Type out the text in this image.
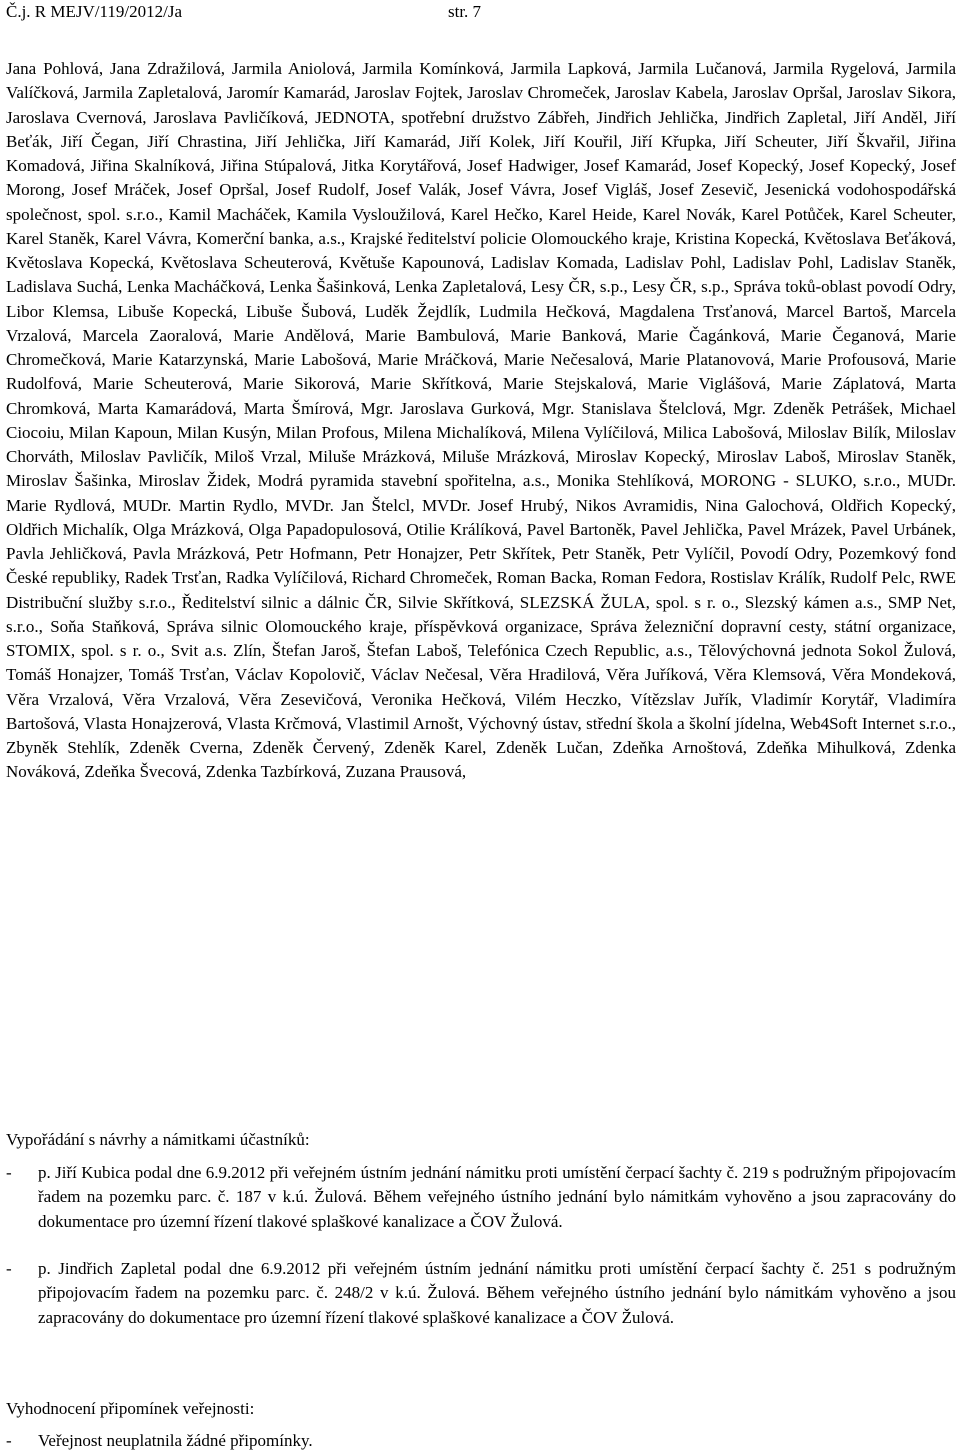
Č.j. R MEJV/119/2012/Ja	str. 7
Jana Pohlová, Jana Zdražilová, Jarmila Aniolová, Jarmila Komínková, Jarmila Lapková, Jarmila Lučanová, Jarmila Rygelová, Jarmila Valíčková, Jarmila Zapletalová, Jaromír Kamarád, Jaroslav Fojtek, Jaroslav Chromeček, Jaroslav Kabela, Jaroslav Opršal, Jaroslav Sikora, Jaroslava Cvernová, Jaroslava Pavličíková, JEDNOTA, spotřební družstvo Zábřeh, Jindřich Jehlička, Jindřich Zapletal, Jiří Anděl, Jiří Beťák, Jiří Čegan, Jiří Chrastina, Jiří Jehlička, Jiří Kamarád, Jiří Kolek, Jiří Kouřil, Jiří Křupka, Jiří Scheuter, Jiří Škvařil, Jiřina Komadová, Jiřina Skalníková, Jiřina Stúpalová, Jitka Korytářová, Josef Hadwiger, Josef Kamarád, Josef Kopecký, Josef Kopecký, Josef Morong, Josef Mráček, Josef Opršal, Josef Rudolf, Josef Valák, Josef Vávra, Josef Vigláš, Josef Zesevič, Jesenická vodohospodářská společnost, spol. s.r.o., Kamil Macháček, Kamila Vysloužilová, Karel Hečko, Karel Heide, Karel Novák, Karel Potůček, Karel Scheuter, Karel Staněk, Karel Vávra, Komerční banka, a.s., Krajské ředitelství policie Olomouckého kraje, Kristina Kopecká, Květoslava Beťáková, Květoslava Kopecká, Květoslava Scheuterová, Květuše Kapounová, Ladislav Komada, Ladislav Pohl, Ladislav Pohl, Ladislav Staněk, Ladislava Suchá, Lenka Macháčková, Lenka Šašinková, Lenka Zapletalová, Lesy ČR, s.p., Lesy ČR, s.p., Správa toků-oblast povodí Odry, Libor Klemsa, Libuše Kopecká, Libuše Šubová, Luděk Žejdlík, Ludmila Hečková, Magdalena Trsťanová, Marcel Bartoš, Marcela Vrzalová, Marcela Zaoralová, Marie Andělová, Marie Bambulová, Marie Banková, Marie Čagánková, Marie Čeganová, Marie Chromečková, Marie Katarzynská, Marie Labošová, Marie Mráčková, Marie Nečesalová, Marie Platanovová, Marie Profousová, Marie Rudolfová, Marie Scheuterová, Marie Sikorová, Marie Skřítková, Marie Stejskalová, Marie Viglášová, Marie Záplatová, Marta Chromková, Marta Kamarádová, Marta Šmírová, Mgr. Jaroslava Gurková, Mgr. Stanislava Štelclová, Mgr. Zdeněk Petrášek, Michael Ciocoiu, Milan Kapoun, Milan Kusýn, Milan Profous, Milena Michalíková, Milena Vylíčilová, Milica Labošová, Miloslav Bilík, Miloslav Chorváth, Miloslav Pavličík, Miloš Vrzal, Miluše Mrázková, Miluše Mrázková, Miroslav Kopecký, Miroslav Laboš, Miroslav Staněk, Miroslav Šašinka, Miroslav Židek, Modrá pyramida stavební spořitelna, a.s., Monika Stehlíková, MORONG - SLUKO, s.r.o., MUDr. Marie Rydlová, MUDr. Martin Rydlo, MVDr. Jan Štelcl, MVDr. Josef Hrubý, Nikos Avramidis, Nina Galochová, Oldřich Kopecký, Oldřich Michalík, Olga Mrázková, Olga Papadopulosová, Otilie Králíková, Pavel Bartoněk, Pavel Jehlička, Pavel Mrázek, Pavel Urbánek, Pavla Jehličková, Pavla Mrázková, Petr Hofmann, Petr Honajzer, Petr Skřítek, Petr Staněk, Petr Vylíčil, Povodí Odry, Pozemkový fond České republiky, Radek Trsťan, Radka Vylíčilová, Richard Chromeček, Roman Backa, Roman Fedora, Rostislav Králík, Rudolf Pelc, RWE Distribuční služby s.r.o., Ředitelství silnic a dálnic ČR, Silvie Skřítková, SLEZSKÁ ŽULA, spol. s r. o., Slezský kámen a.s., SMP Net, s.r.o., Soňa Staňková, Správa silnic Olomouckého kraje, příspěvková organizace, Správa železniční dopravní cesty, státní organizace, STOMIX, spol. s r. o., Svit a.s. Zlín, Štefan Jaroš, Štefan Laboš, Telefónica Czech Republic, a.s., Tělovýchovná jednota Sokol Žulová, Tomáš Honajzer, Tomáš Trsťan, Václav Kopolovič, Václav Nečesal, Věra Hradilová, Věra Juříková, Věra Klemsová, Věra Mondeková, Věra Vrzalová, Věra Vrzalová, Věra Zesevičová, Veronika Hečková, Vilém Heczko, Vítězslav Juřík, Vladimír Korytář, Vladimíra Bartošová, Vlasta Honajzerová, Vlasta Krčmová, Vlastimil Arnošt, Výchovný ústav, střední škola a školní jídelna, Web4Soft Internet s.r.o., Zbyněk Stehlík, Zdeněk Cverna, Zdeněk Červený, Zdeněk Karel, Zdeněk Lučan, Zdeňka Arnoštová, Zdeňka Mihulková, Zdenka Nováková, Zdeňka Švecová, Zdenka Tazbírková, Zuzana Prausová,
Vypořádání s návrhy a námitkami účastníků:
- p. Jiří Kubica podal dne 6.9.2012 při veřejném ústním jednání námitku proti umístění čerpací šachty č. 219 s podružným připojovacím řadem na pozemku parc. č. 187 v k.ú. Žulová. Během veřejného ústního jednání bylo námitkám vyhověno a jsou zapracovány do dokumentace pro územní řízení tlakové splaškové kanalizace a ČOV Žulová.
- p. Jindřich Zapletal podal dne 6.9.2012 při veřejném ústním jednání námitku proti umístění čerpací šachty č. 251 s podružným připojovacím řadem na pozemku parc. č. 248/2 v k.ú. Žulová. Během veřejného ústního jednání bylo námitkám vyhověno a jsou zapracovány do dokumentace pro územní řízení tlakové splaškové kanalizace a ČOV Žulová.
Vyhodnocení připomínek veřejnosti:
- Veřejnost neuplatnila žádné připomínky.
